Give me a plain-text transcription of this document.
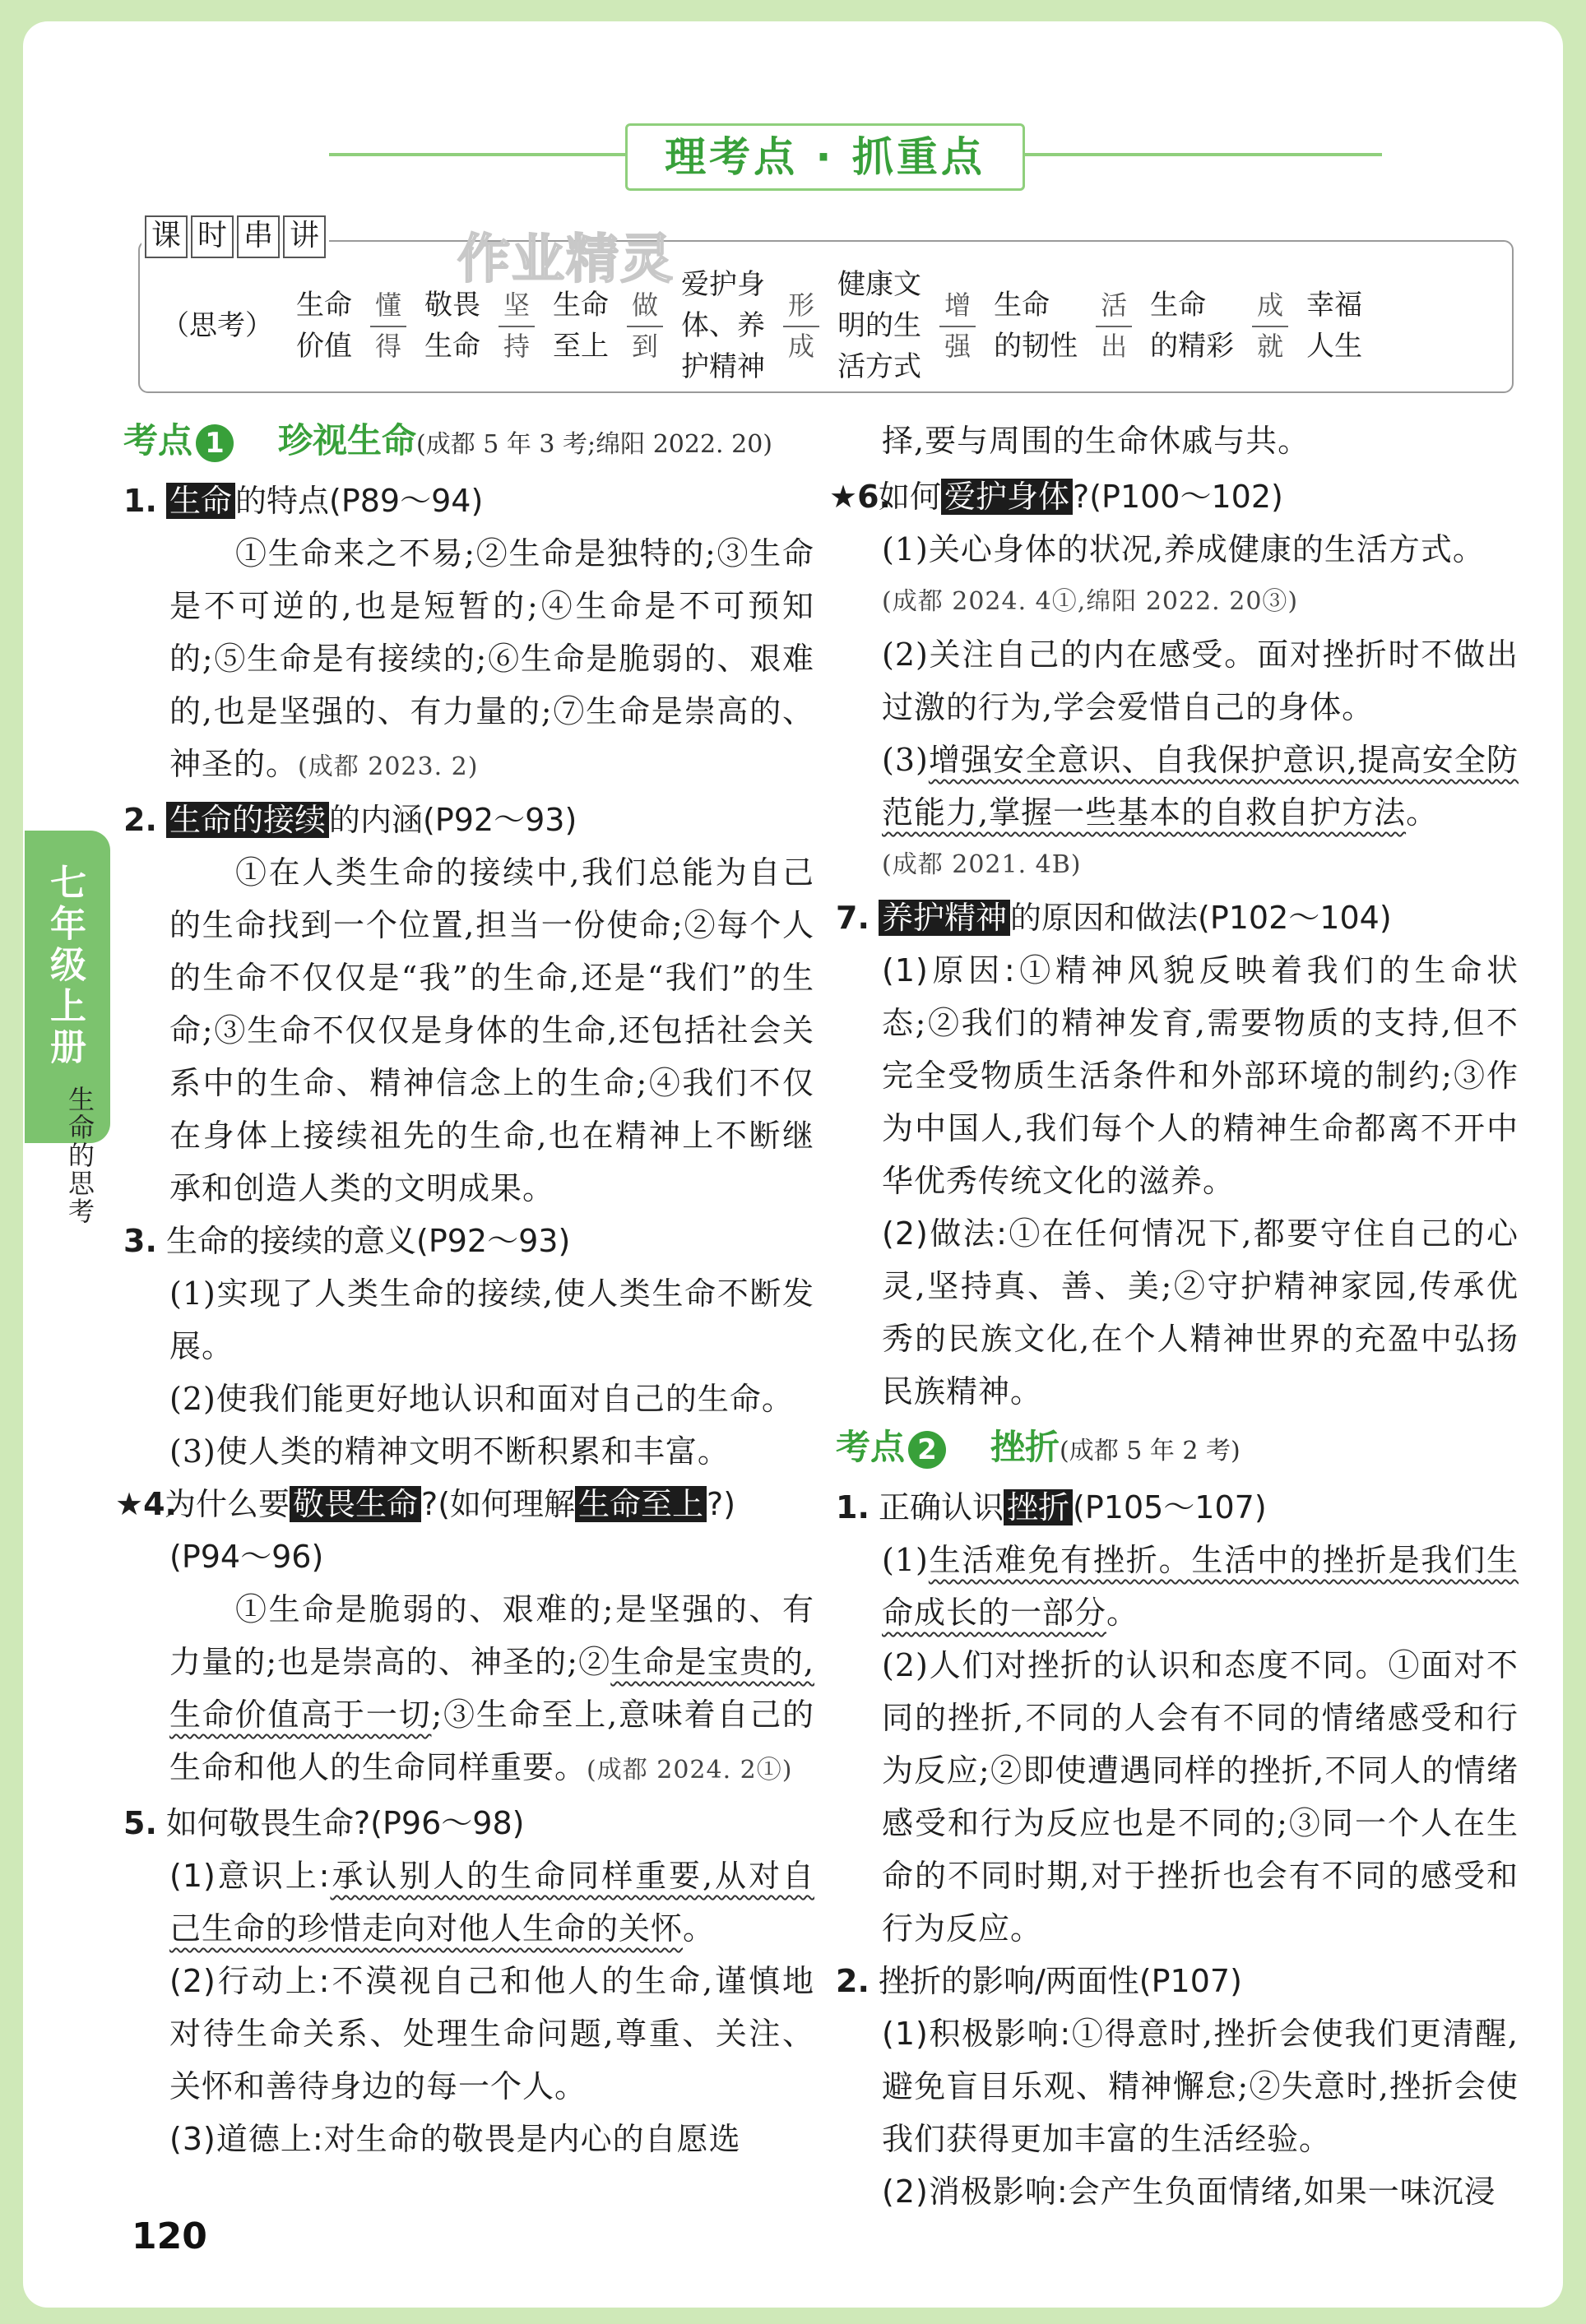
七年级上册
生命的思考
理考点 · 抓重点
课 时 串 讲	作业精灵
（思考）
生命
价值
懂
得
敬畏
生命
坚
持
生命
至上
做
到
爱护身
体、养
护精神
形
成
健康文
明的生
活方式
增
强
生命
的韧性
活
出
生命
的精彩
成
就
幸福
人生
考点 1 珍视生命(成都 5 年 3 考;绵阳 2022. 20)

1. 生命 的特点(P89～94)

①生命来之不易;②生命是独特的;③生命是不可逆的,也是短暂的;④生命是不可预知的;⑤生命是有接续的;⑥生命是脆弱的、艰难的,也是坚强的、有力量的;⑦生命是崇高的、神圣的。(成都 2023. 2)

2. 生命的接续 的内涵(P92～93)

①在人类生命的接续中,我们总能为自己的生命找到一个位置,担当一份使命;②每个人的生命不仅仅是“我”的生命,还是“我们”的生命;③生命不仅仅是身体的生命,还包括社会关系中的生命、精神信念上的生命;④我们不仅在身体上接续祖先的生命,也在精神上不断继承和创造人类的文明成果。

3. 生命的接续的意义(P92～93)

(1)实现了人类生命的接续,使人类生命不断发展。

(2)使我们能更好地认识和面对自己的生命。

(3)使人类的精神文明不断积累和丰富。

★4.为什么要 敬畏生命 ?(如何理解 生命至上 ?)

(P94～96)

①生命是脆弱的、艰难的;是坚强的、有力量的;也是崇高的、神圣的;②生命是宝贵的,生命价值高于一切;③生命至上,意味着自己的生命和他人的生命同样重要。(成都 2024. 2①)

5. 如何敬畏生命?(P96～98)

(1)意识上:承认别人的生命同样重要,从对自己生命的珍惜走向对他人生命的关怀。

(2)行动上:不漠视自己和他人的生命,谨慎地对待生命关系、处理生命问题,尊重、关注、关怀和善待身边的每一个人。

(3)道德上:对生命的敬畏是内心的自愿选

择,要与周围的生命休戚与共。

★6.如何 爱护身体 ?(P100～102)

(1)关心身体的状况,养成健康的生活方式。

(成都 2024. 4①,绵阳 2022. 20③)

(2)关注自己的内在感受。面对挫折时不做出过激的行为,学会爱惜自己的身体。

(3)增强安全意识、自我保护意识,提高安全防范能力,掌握一些基本的自救自护方法。

(成都 2021. 4B)

7. 养护精神 的原因和做法(P102～104)

(1)原因:①精神风貌反映着我们的生命状态;②我们的精神发育,需要物质的支持,但不完全受物质生活条件和外部环境的制约;③作为中国人,我们每个人的精神生命都离不开中华优秀传统文化的滋养。

(2)做法:①在任何情况下,都要守住自己的心灵,坚持真、善、美;②守护精神家园,传承优秀的民族文化,在个人精神世界的充盈中弘扬民族精神。

考点 2 挫折(成都 5 年 2 考)

1. 正确认识 挫折 (P105～107)

(1)生活难免有挫折。生活中的挫折是我们生命成长的一部分。

(2)人们对挫折的认识和态度不同。①面对不同的挫折,不同的人会有不同的情绪感受和行为反应;②即使遭遇同样的挫折,不同人的情绪感受和行为反应也是不同的;③同一个人在生命的不同时期,对于挫折也会有不同的感受和行为反应。

2. 挫折的影响/两面性(P107)

(1)积极影响:①得意时,挫折会使我们更清醒,避免盲目乐观、精神懈怠;②失意时,挫折会使我们获得更加丰富的生活经验。

(2)消极影响:会产生负面情绪,如果一味沉浸

120
